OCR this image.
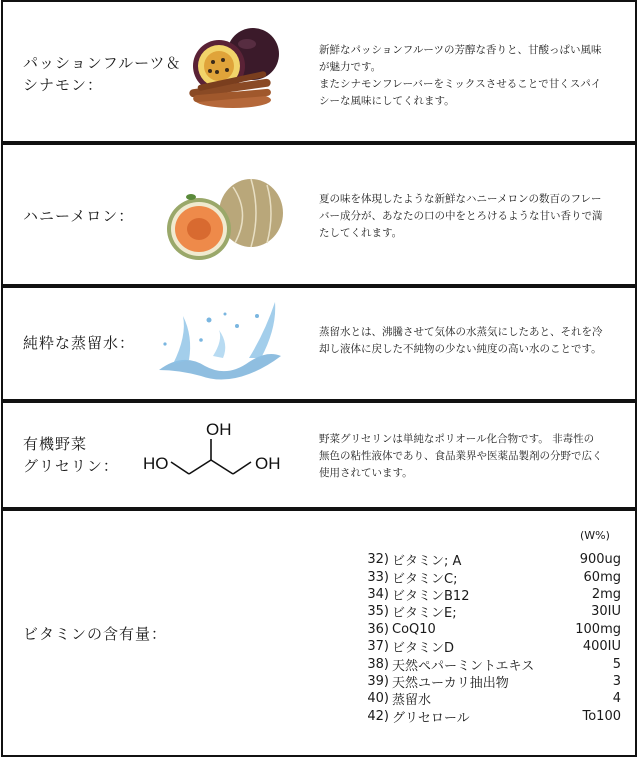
パッションフルーツ＆
シナモン：
新鮮なパッションフルーツの芳醇な香りと、甘酸っぱい風味
が魅力です。
またシナモンフレーバーをミックスさせることで甘くスパイ
シーな風味にしてくれます。
ハニーメロン：
夏の味を体現したような新鮮なハニーメロンの数百のフレー
バー成分が、あなたの口の中をとろけるような甘い香りで満
たしてくれます。
純粋な蒸留水：
蒸留水とは、沸騰させて気体の水蒸気にしたあと、それを冷
却し液体に戻した不純物の少ない純度の高い水のことです。
有機野菜
グリセリン：
OH
HO	OH
野菜グリセリンは単純なポリオール化合物です。 非毒性の
無色の粘性液体であり、食品業界や医薬品製剤の分野で広く
使用されています。
ビタミンの含有量：
(W%)
32) ビタミン; A	900ug
33) ビタミンC;	60mg
34) ビタミンB12	2mg
35) ビタミンE;	30IU
36) CoQ10	100mg
37) ビタミンD	400IU
38) 天然ペパーミントエキス	5
39) 天然ユーカリ抽出物	3
40) 蒸留水	4
42) グリセロール	To100
